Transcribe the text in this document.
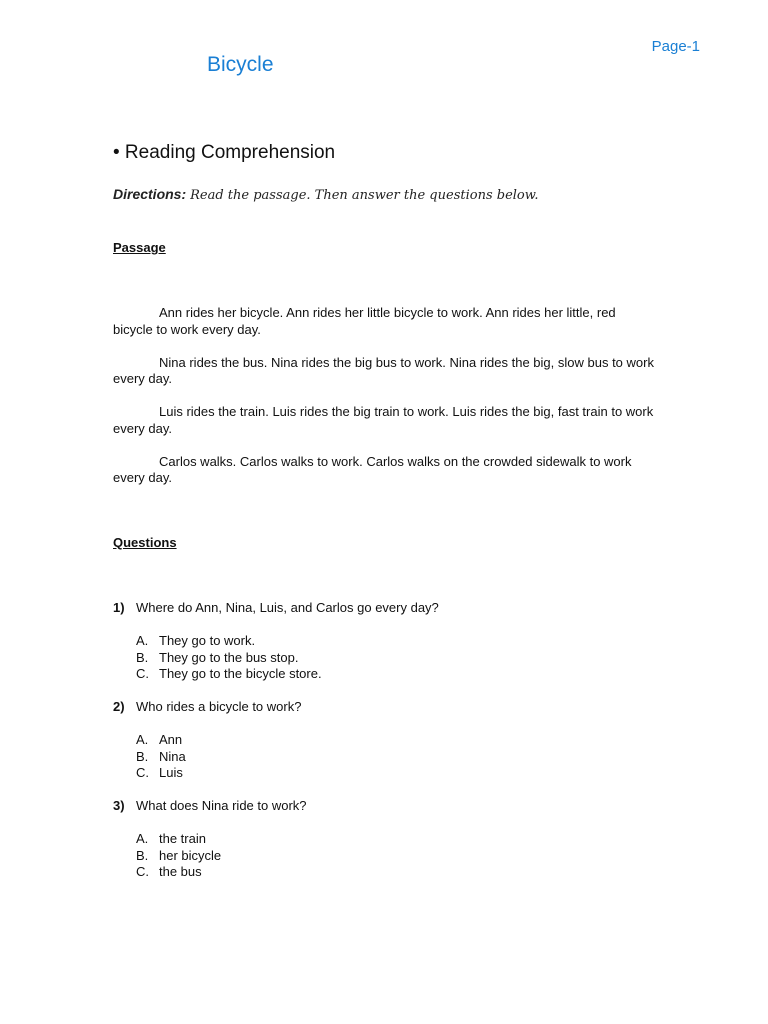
Page-1
Bicycle
• Reading Comprehension
Directions: Read the passage. Then answer the questions below.
Passage

Ann rides her bicycle. Ann rides her little bicycle to work. Ann rides her little, red bicycle to work every day.

Nina rides the bus. Nina rides the big bus to work. Nina rides the big, slow bus to work every day.

Luis rides the train. Luis rides the big train to work. Luis rides the big, fast train to work every day.

Carlos walks. Carlos walks to work. Carlos walks on the crowded sidewalk to work every day.

Questions
1) Where do Ann, Nina, Luis, and Carlos go every day?
A. They go to work.
B. They go to the bus stop.
C. They go to the bicycle store.
2) Who rides a bicycle to work?
A. Ann
B. Nina
C. Luis
3) What does Nina ride to work?
A. the train
B. her bicycle
C. the bus
